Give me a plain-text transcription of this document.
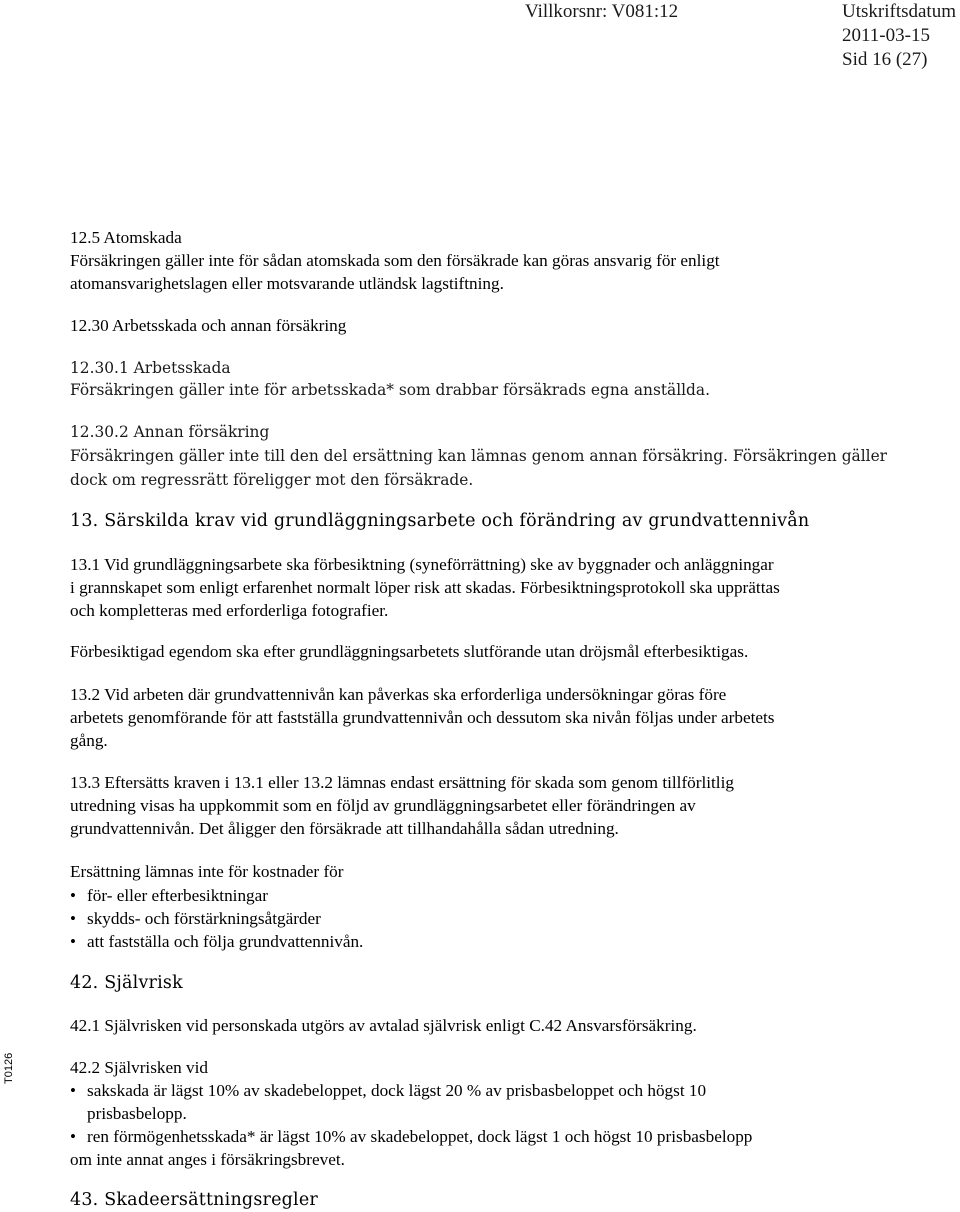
Villkorsnr: V081:12	Utskriftsdatum
2011-03-15
Sid 16 (27)
T0126
12.5 Atomskada
Försäkringen gäller inte för sådan atomskada som den försäkrade kan göras ansvarig för enligt
atomansvarighetslagen eller motsvarande utländsk lagstiftning.
12.30 Arbetsskada och annan försäkring
12.30.1 Arbetsskada
Försäkringen gäller inte för arbetsskada* som drabbar försäkrads egna anställda.
12.30.2 Annan försäkring
Försäkringen gäller inte till den del ersättning kan lämnas genom annan försäkring. Försäkringen gäller
dock om regressrätt föreligger mot den försäkrade.
13. Särskilda krav vid grundläggningsarbete och förändring av grundvattennivån
13.1 Vid grundläggningsarbete ska förbesiktning (syneförrättning) ske av byggnader och anläggningar
i grannskapet som enligt erfarenhet normalt löper risk att skadas. Förbesiktningsprotokoll ska upprättas
och kompletteras med erforderliga fotografier.
Förbesiktigad egendom ska efter grundläggningsarbetets slutförande utan dröjsmål efterbesiktigas.
13.2 Vid arbeten där grundvattennivån kan påverkas ska erforderliga undersökningar göras före
arbetets genomförande för att fastställa grundvattennivån och dessutom ska nivån följas under arbetets
gång.
13.3 Eftersätts kraven i 13.1 eller 13.2 lämnas endast ersättning för skada som genom tillförlitlig
utredning visas ha uppkommit som en följd av grundläggningsarbetet eller förändringen av
grundvattennivån. Det åligger den försäkrade att tillhandahålla sådan utredning.
Ersättning lämnas inte för kostnader för
• för- eller efterbesiktningar
• skydds- och förstärkningsåtgärder
• att fastställa och följa grundvattennivån.
42. Självrisk
42.1 Självrisken vid personskada utgörs av avtalad självrisk enligt C.42 Ansvarsförsäkring.
42.2 Självrisken vid
• sakskada är lägst 10% av skadebeloppet, dock lägst 20 % av prisbasbeloppet och högst 10
prisbasbelopp.
• ren förmögenhetsskada* är lägst 10% av skadebeloppet, dock lägst 1 och högst 10 prisbasbelopp
om inte annat anges i försäkringsbrevet.
43. Skadeersättningsregler
